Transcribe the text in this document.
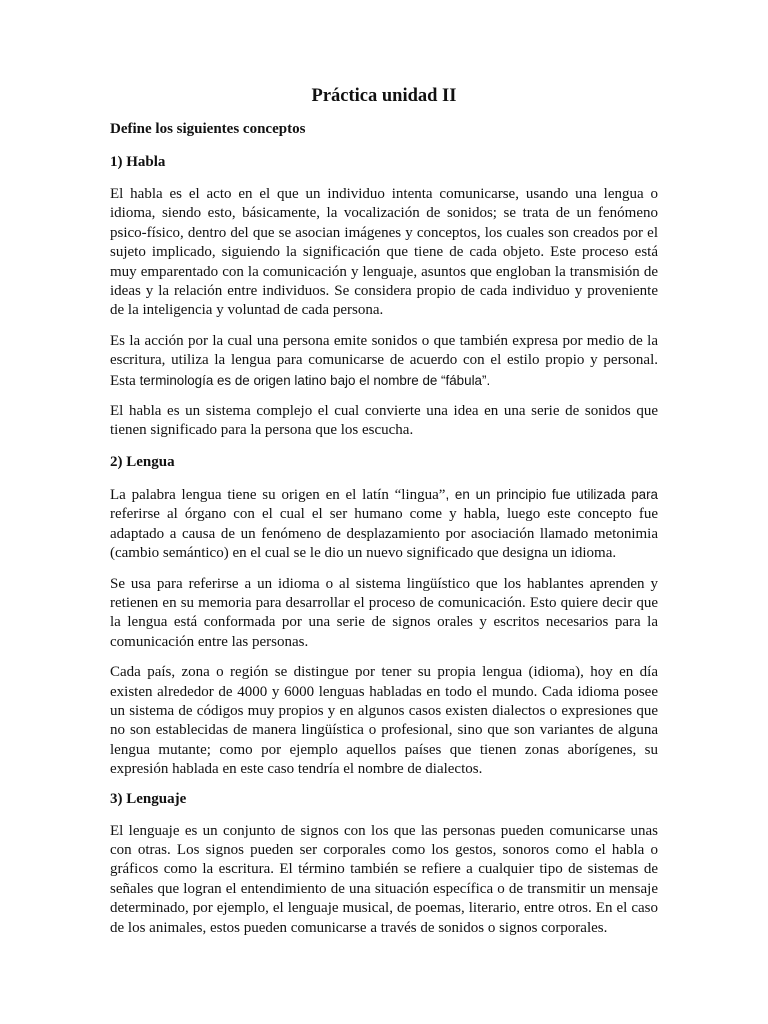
Práctica unidad II
Define los siguientes conceptos
1) Habla

El habla es el acto en el que un individuo intenta comunicarse, usando una lengua o idioma, siendo esto, básicamente, la vocalización de sonidos; se trata de un fenómeno psico-físico, dentro del que se asocian imágenes y conceptos, los cuales son creados por el sujeto implicado, siguiendo la significación que tiene de cada objeto. Este proceso está muy emparentado con la comunicación y lenguaje, asuntos que engloban la transmisión de ideas y la relación entre individuos. Se considera propio de cada individuo y proveniente de la inteligencia y voluntad de cada persona.

Es la acción por la cual una persona emite sonidos o que también expresa por medio de la escritura, utiliza la lengua para comunicarse de acuerdo con el estilo propio y personal. Esta terminología es de origen latino bajo el nombre de “fábula”.

El habla es un sistema complejo el cual convierte una idea en una serie de sonidos que tienen significado para la persona que los escucha.

2) Lengua

La palabra lengua tiene su origen en el latín “lingua”, en un principio fue utilizada para referirse al órgano con el cual el ser humano come y habla, luego este concepto fue adaptado a causa de un fenómeno de desplazamiento por asociación llamado metonimia (cambio semántico) en el cual se le dio un nuevo significado que designa un idioma.

Se usa para referirse a un idioma o al sistema lingüístico que los hablantes aprenden y retienen en su memoria para desarrollar el proceso de comunicación. Esto quiere decir que la lengua está conformada por una serie de signos orales y escritos necesarios para la comunicación entre las personas.

Cada país, zona o región se distingue por tener su propia lengua (idioma), hoy en día existen alrededor de 4000 y 6000 lenguas habladas en todo el mundo. Cada idioma posee un sistema de códigos muy propios y en algunos casos existen dialectos o expresiones que no son establecidas de manera lingüística o profesional, sino que son variantes de alguna lengua mutante; como por ejemplo aquellos países que tienen zonas aborígenes, su expresión hablada en este caso tendría el nombre de dialectos.

3) Lenguaje

El lenguaje es un conjunto de signos con los que las personas pueden comunicarse unas con otras. Los signos pueden ser corporales como los gestos, sonoros como el habla o gráficos como la escritura. El término también se refiere a cualquier tipo de sistemas de señales que logran el entendimiento de una situación específica o de transmitir un mensaje determinado, por ejemplo, el lenguaje musical, de poemas, literario, entre otros. En el caso de los animales, estos pueden comunicarse a través de sonidos o signos corporales.
